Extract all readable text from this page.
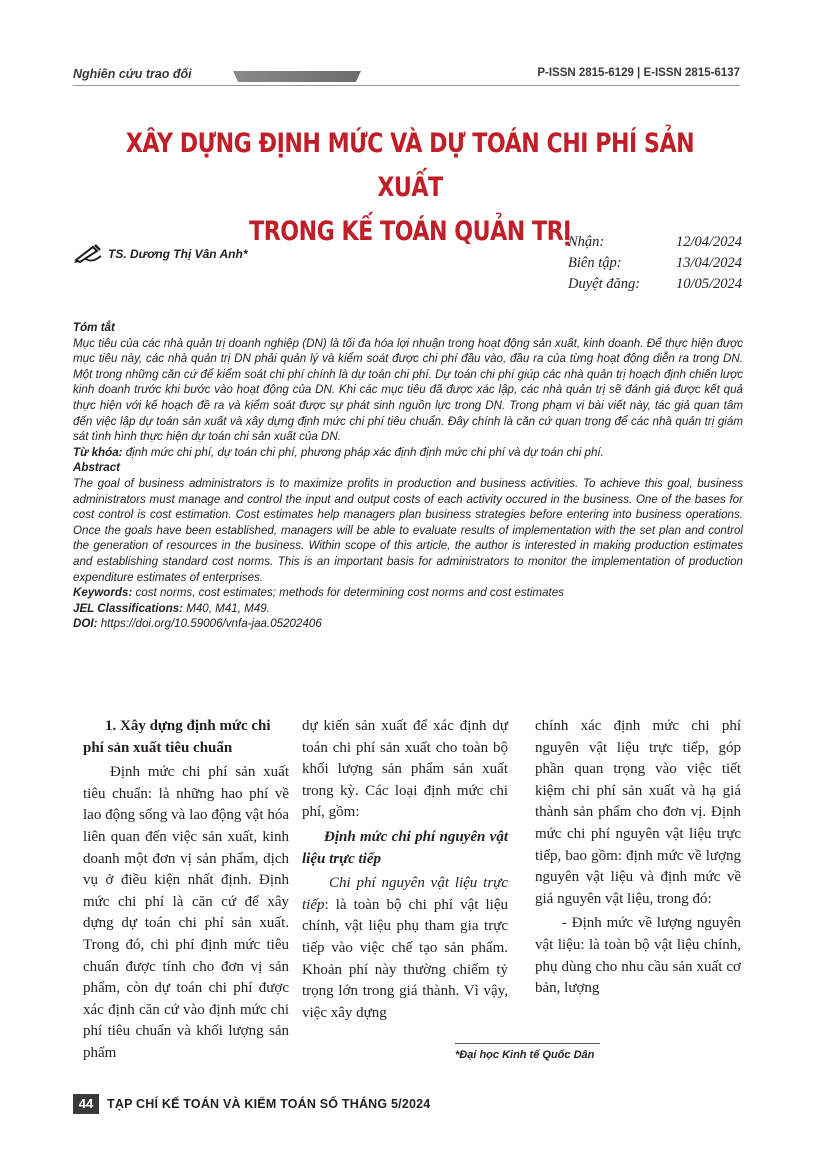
Nghiên cứu trao đổi	P-ISSN 2815-6129 | E-ISSN 2815-6137
XÂY DỰNG ĐỊNH MỨC VÀ DỰ TOÁN CHI PHÍ SẢN XUẤT
TRONG KẾ TOÁN QUẢN TRỊ
TS. Dương Thị Vân Anh*
Nhận:	12/04/2024
Biên tập:	13/04/2024
Duyệt đăng: 10/05/2024

Tóm tắt

Mục tiêu của các nhà quản trị doanh nghiệp (DN) là tối đa hóa lợi nhuận trong hoạt động sản xuất, kinh doanh. Để thực hiện được mục tiêu này, các nhà quản trị DN phải quản lý và kiểm soát được chi phí đầu vào, đầu ra của từng hoạt động diễn ra trong DN. Một trong những căn cứ để kiểm soát chi phí chính là dự toán chi phí. Dự toán chi phí giúp các nhà quản trị hoạch định chiến lược kinh doanh trước khi bước vào hoạt động của DN. Khi các mục tiêu đã được xác lập, các nhà quản trị sẽ đánh giá được kết quả thực hiện với kế hoạch đề ra và kiểm soát được sự phát sinh nguồn lực trong DN. Trong phạm vi bài viết này, tác giả quan tâm đến việc lập dự toán sản xuất và xây dựng định mức chi phí tiêu chuẩn. Đây chính là căn cứ quan trọng để các nhà quản trị giám sát tình hình thực hiện dự toán chi sản xuất của DN.

Từ khóa: định mức chi phí, dự toán chi phí, phương pháp xác định định mức chi phí và dự toán chi phí.

Abstract

The goal of business administrators is to maximize profits in production and business activities. To achieve this goal, business administrators must manage and control the input and output costs of each activity occured in the business. One of the bases for cost control is cost estimation. Cost estimates help managers plan business strategies before entering into business operations. Once the goals have been established, managers will be able to evaluate results of implementation with the set plan and control the generation of resources in the business. Within scope of this article, the author is interested in making production estimates and establishing standard cost norms. This is an important basis for administrators to monitor the implementation of production expenditure estimates of enterprises.

Keywords: cost norms, cost estimates; methods for determining cost norms and cost estimates

JEL Classifications: M40, M41, M49.

DOI: https://doi.org/10.59006/vnfa-jaa.05202406

1. Xây dựng định mức chi phí sản xuất tiêu chuẩn

Định mức chi phí sản xuất tiêu chuẩn: là những hao phí về lao động sống và lao động vật hóa liên quan đến việc sản xuất, kinh doanh một đơn vị sản phẩm, dịch vụ ở điều kiện nhất định. Định mức chi phí là căn cứ để xây dựng dự toán chi phí sản xuất. Trong đó, chi phí định mức tiêu chuẩn được tính cho đơn vị sản phẩm, còn dự toán chi phí được xác định căn cứ vào định mức chi phí tiêu chuẩn và khối lượng sản phẩm

dự kiến sản xuất để xác định dự toán chi phí sản xuất cho toàn bộ khối lượng sản phẩm sản xuất trong kỳ. Các loại định mức chi phí, gồm:

Định mức chi phí nguyên vật liệu trực tiếp

Chi phí nguyên vật liệu trực tiếp: là toàn bộ chi phí vật liệu chính, vật liệu phụ tham gia trực tiếp vào việc chế tạo sản phẩm. Khoản phí này thường chiếm tỷ trọng lớn trong giá thành. Vì vậy, việc xây dựng

chính xác định mức chi phí nguyên vật liệu trực tiếp, góp phần quan trọng vào việc tiết kiệm chi phí sản xuất và hạ giá thành sản phẩm cho đơn vị. Định mức chi phí nguyên vật liệu trực tiếp, bao gồm: định mức về lượng nguyên vật liệu và định mức về giá nguyên vật liệu, trong đó:

- Định mức về lượng nguyên vật liệu: là toàn bộ vật liệu chính, phụ dùng cho nhu cầu sản xuất cơ bản, lượng

*Đại học Kinh tế Quốc Dân
44	TẠP CHÍ KẾ TOÁN VÀ KIỂM TOÁN SỐ THÁNG 5/2024
